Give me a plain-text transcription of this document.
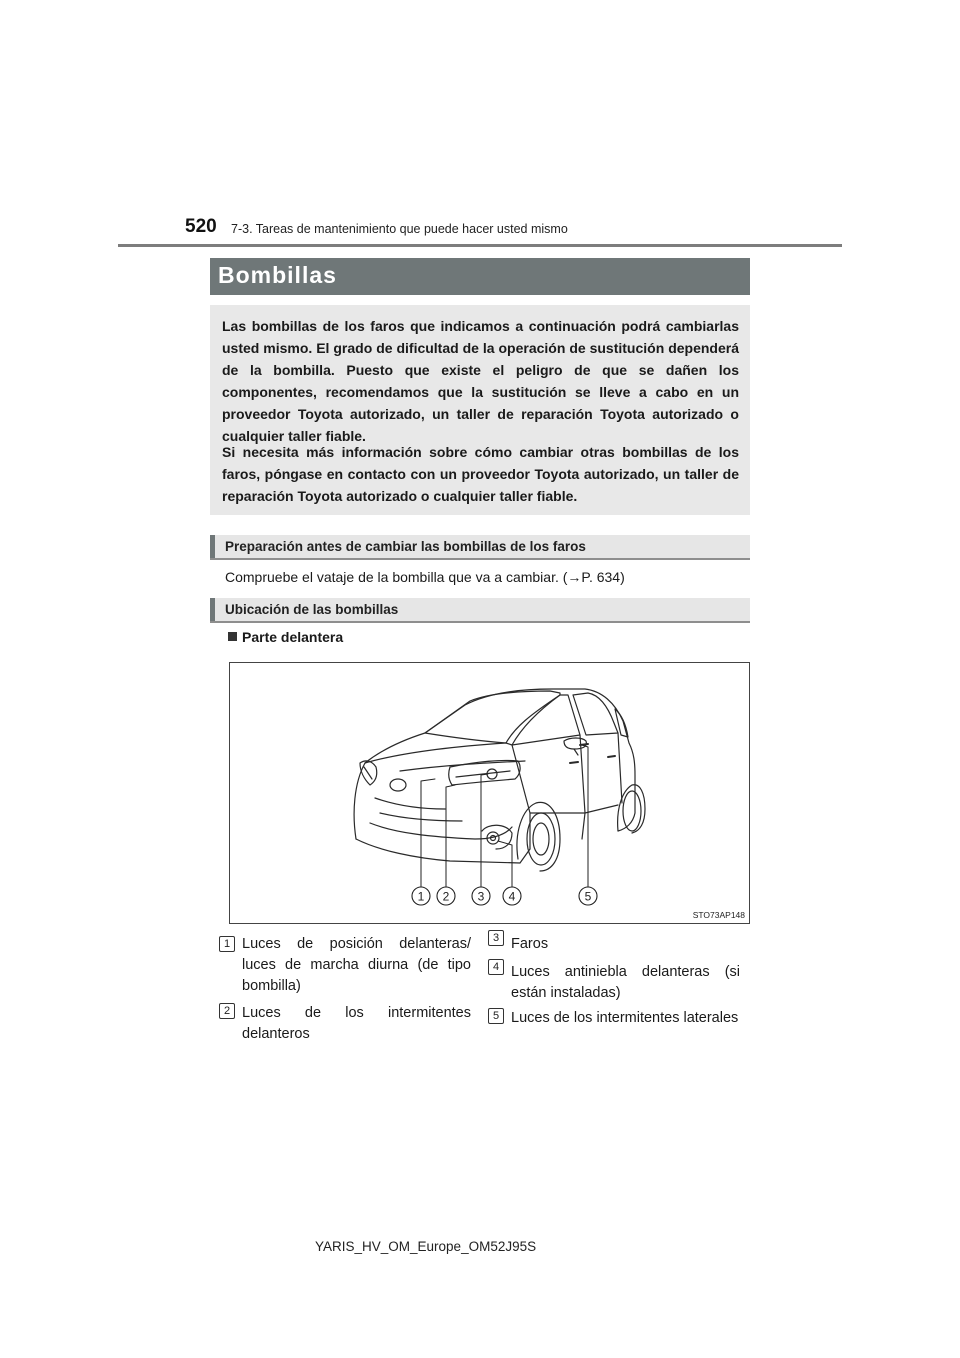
520 7-3. Tareas de mantenimiento que puede hacer usted mismo
Bombillas

Las bombillas de los faros que indicamos a continuación podrá cambiarlas usted mismo. El grado de dificultad de la operación de sustitución dependerá de la bombilla. Puesto que existe el peligro de que se dañen los componentes, recomendamos que la sustitución se lleve a cabo en un proveedor Toyota autorizado, un taller de reparación Toyota autorizado o cualquier taller fiable.

Si necesita más información sobre cómo cambiar otras bombillas de los faros, póngase en contacto con un proveedor Toyota autorizado, un taller de reparación Toyota autorizado o cualquier taller fiable.

Preparación antes de cambiar las bombillas de los faros
Compruebe el vataje de la bombilla que va a cambiar. (→P. 634)
Ubicación de las bombillas
Parte delantera
1 2 3 4	5
STO73AP148
1 Luces de posición delanteras/ luces de marcha diurna (de tipo bombilla)
2 Luces de los intermitentes delanteros
3 Faros
4 Luces antiniebla delanteras (si están instaladas)
5 Luces de los intermitentes laterales
YARIS_HV_OM_Europe_OM52J95S
